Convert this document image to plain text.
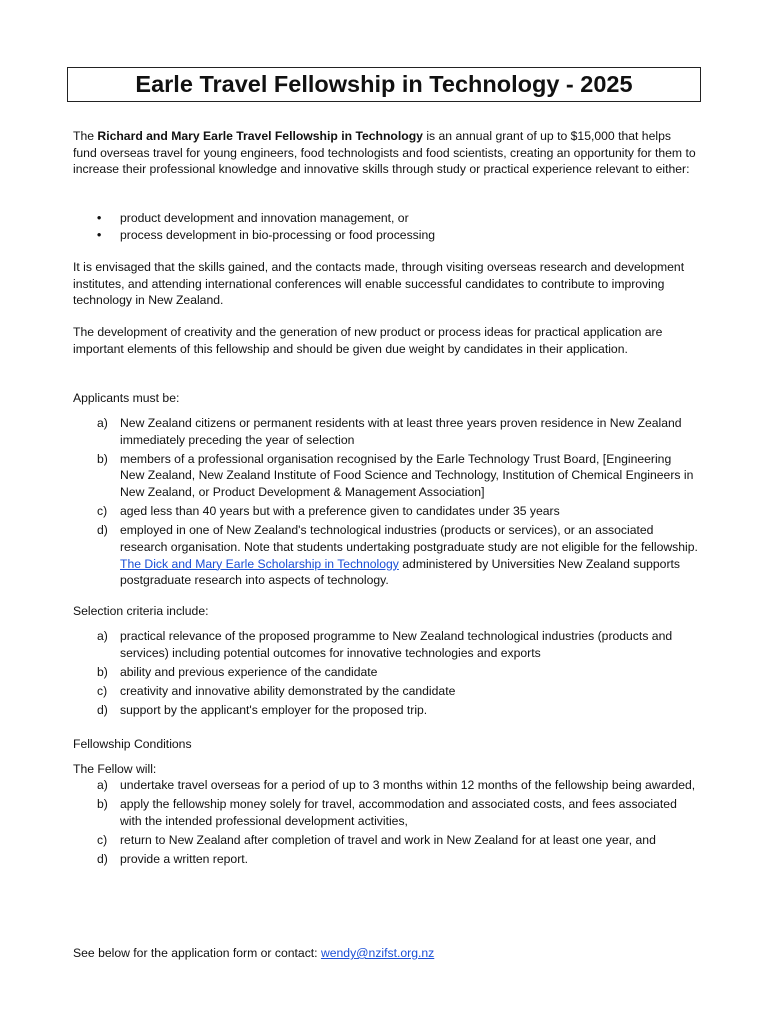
Earle Travel Fellowship in Technology - 2025

The Richard and Mary Earle Travel Fellowship in Technology is an annual grant of up to $15,000 that helps fund overseas travel for young engineers, food technologists and food scientists, creating an opportunity for them to increase their professional knowledge and innovative skills through study or practical experience relevant to either:

• product development and innovation management, or
• process development in bio-processing or food processing

It is envisaged that the skills gained, and the contacts made, through visiting overseas research and development institutes, and attending international conferences will enable successful candidates to contribute to improving technology in New Zealand.

The development of creativity and the generation of new product or process ideas for practical application are important elements of this fellowship and should be given due weight by candidates in their application.

Applicants must be:

a) New Zealand citizens or permanent residents with at least three years proven residence in New Zealand immediately preceding the year of selection
b) members of a professional organisation recognised by the Earle Technology Trust Board, [Engineering New Zealand, New Zealand Institute of Food Science and Technology, Institution of Chemical Engineers in New Zealand, or Product Development & Management Association]
c) aged less than 40 years but with a preference given to candidates under 35 years
d) employed in one of New Zealand's technological industries (products or services), or an associated research organisation. Note that students undertaking postgraduate study are not eligible for the fellowship. The Dick and Mary Earle Scholarship in Technology administered by Universities New Zealand supports postgraduate research into aspects of technology.

Selection criteria include:

a) practical relevance of the proposed programme to New Zealand technological industries (products and services) including potential outcomes for innovative technologies and exports
b) ability and previous experience of the candidate
c) creativity and innovative ability demonstrated by the candidate
d) support by the applicant's employer for the proposed trip.

Fellowship Conditions

The Fellow will:

a) undertake travel overseas for a period of up to 3 months within 12 months of the fellowship being awarded,
b) apply the fellowship money solely for travel, accommodation and associated costs, and fees associated with the intended professional development activities,
c) return to New Zealand after completion of travel and work in New Zealand for at least one year, and
d) provide a written report.

See below for the application form or contact: wendy@nzifst.org.nz
